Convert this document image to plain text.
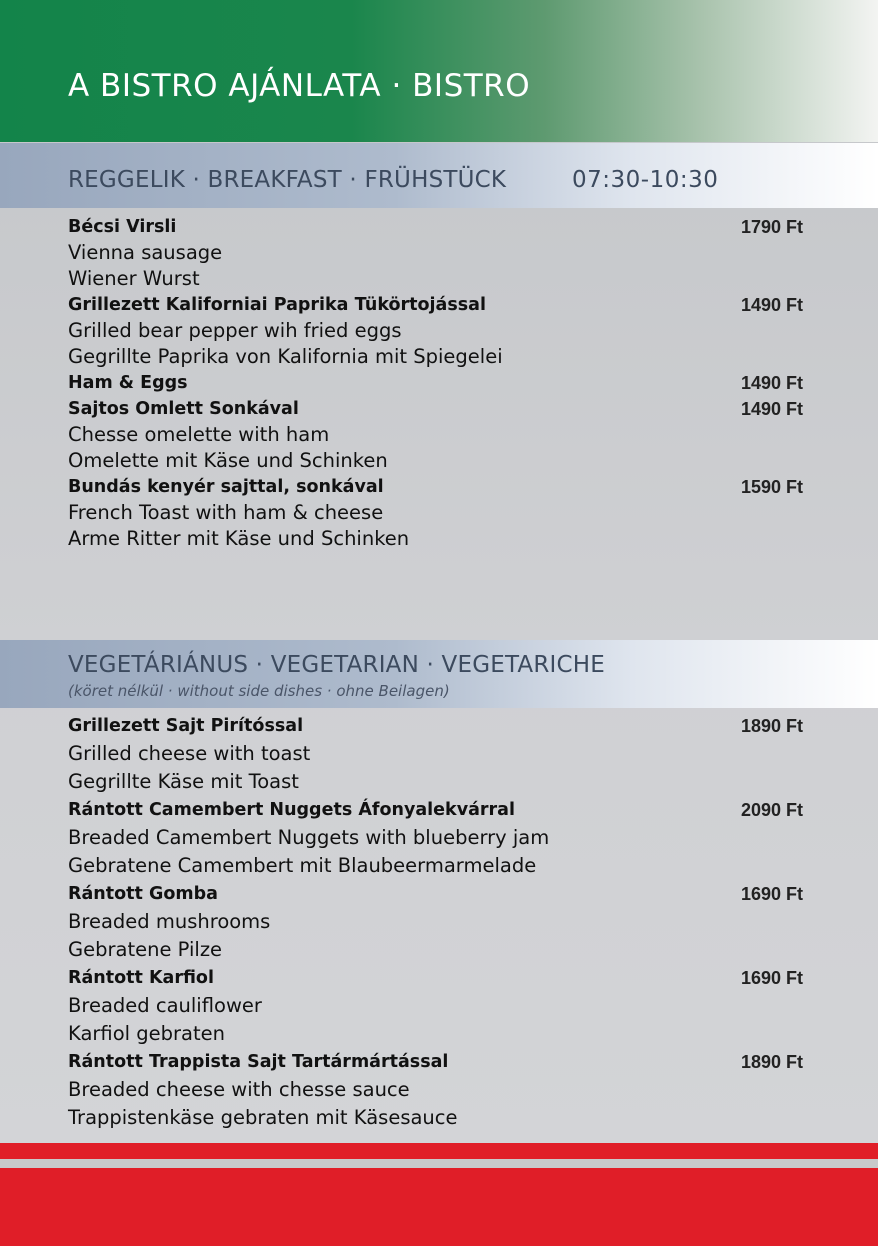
A BISTRO AJÁNLATA · BISTRO
REGGELIK · BREAKFAST · FRÜHSTÜCK	07:30-10:30
Bécsi Virsli	1790 Ft
Vienna sausage
Wiener Wurst
Grillezett Kaliforniai Paprika Tükörtojással	1490 Ft
Grilled bear pepper wih fried eggs
Gegrillte Paprika von Kalifornia mit Spiegelei
Ham & Eggs	1490 Ft
Sajtos Omlett Sonkával	1490 Ft
Chesse omelette with ham
Omelette mit Käse und Schinken
Bundás kenyér sajttal, sonkával	1590 Ft
French Toast with ham & cheese
Arme Ritter mit Käse und Schinken
VEGETÁRIÁNUS · VEGETARIAN · VEGETARICHE
(köret nélkül · without side dishes · ohne Beilagen)
Grillezett Sajt Pirítóssal	1890 Ft
Grilled cheese with toast
Gegrillte Käse mit Toast
Rántott Camembert Nuggets Áfonyalekvárral	2090 Ft
Breaded Camembert Nuggets with blueberry jam
Gebratene Camembert mit Blaubeermarmelade
Rántott Gomba	1690 Ft
Breaded mushrooms
Gebratene Pilze
Rántott Karfiol	1690 Ft
Breaded cauliflower
Karfiol gebraten
Rántott Trappista Sajt Tartármártással	1890 Ft
Breaded cheese with chesse sauce
Trappistenkäse gebraten mit Käsesauce
